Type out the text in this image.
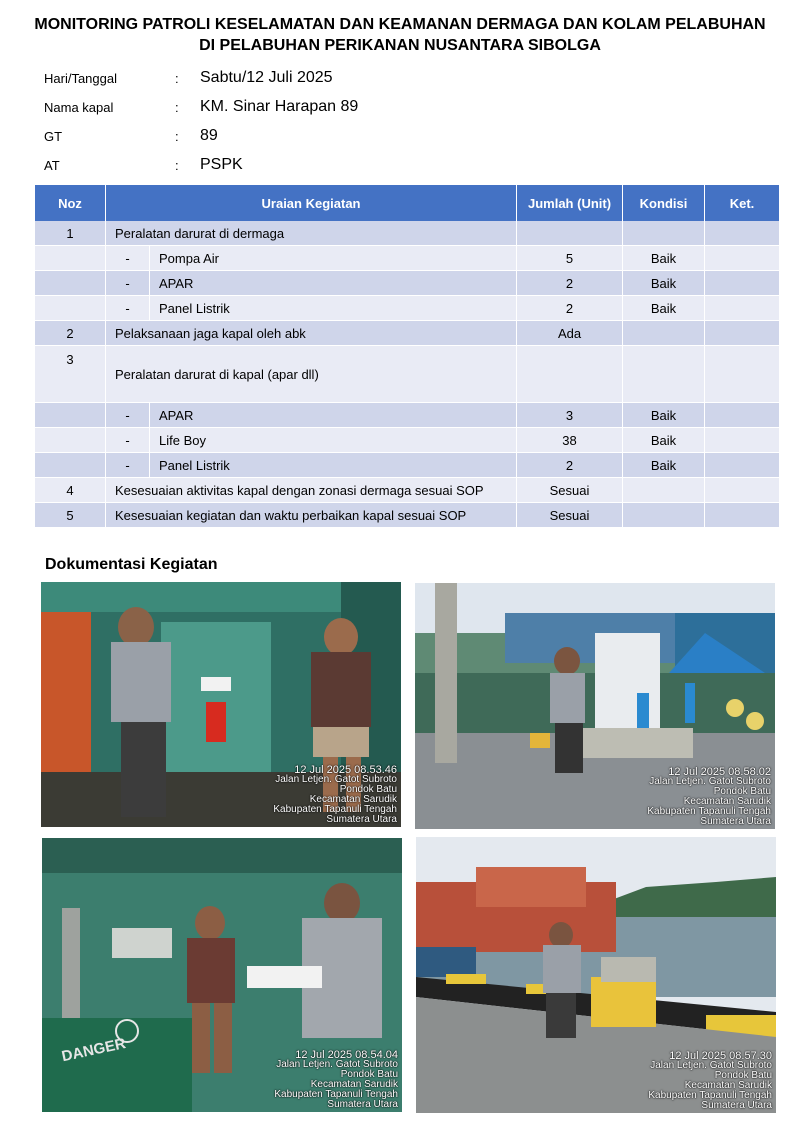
MONITORING PATROLI KESELAMATAN DAN KEAMANAN DERMAGA DAN KOLAM PELABUHAN
DI PELABUHAN PERIKANAN NUSANTARA SIBOLGA
Hari/Tanggal	: Sabtu/12 Juli 2025
Nama kapal	: KM. Sinar Harapan 89
GT	: 89
AT	: PSPK
Noz	Uraian Kegiatan		Jumlah (Unit)	Kondisi	Ket.
1	Peralatan darurat di dermaga				
	-	Pompa Air	5	Baik	
	-	APAR	2	Baik	
	-	Panel Listrik	2	Baik	
2	Pelaksanaan jaga kapal oleh abk		Ada		
3	Peralatan darurat di kapal (apar dll)				
	-	APAR	3	Baik	
	-	Life Boy	38	Baik	
	-	Panel Listrik	2	Baik	
4	Kesesuaian aktivitas kapal dengan zonasi dermaga sesuai SOP		Sesuai		
5	Kesesuaian kegiatan dan waktu perbaikan kapal sesuai SOP		Sesuai		
Dokumentasi Kegiatan
12 Jul 2025 08.53.46
Jalan Letjen. Gatot Subroto
Pondok Batu
Kecamatan Sarudik
Kabupaten Tapanuli Tengah
Sumatera Utara
12 Jul 2025 08.58.02
Jalan Letjen. Gatot Subroto
Pondok Batu
Kecamatan Sarudik
Kabupaten Tapanuli Tengah
Sumatera Utara
DANGER	12 Jul 2025 08.54.04
Jalan Letjen. Gatot Subroto
Pondok Batu
Kecamatan Sarudik
Kabupaten Tapanuli Tengah
Sumatera Utara
12 Jul 2025 08.57.30
Jalan Letjen. Gatot Subroto
Pondok Batu
Kecamatan Sarudik
Kabupaten Tapanuli Tengah
Sumatera Utara
